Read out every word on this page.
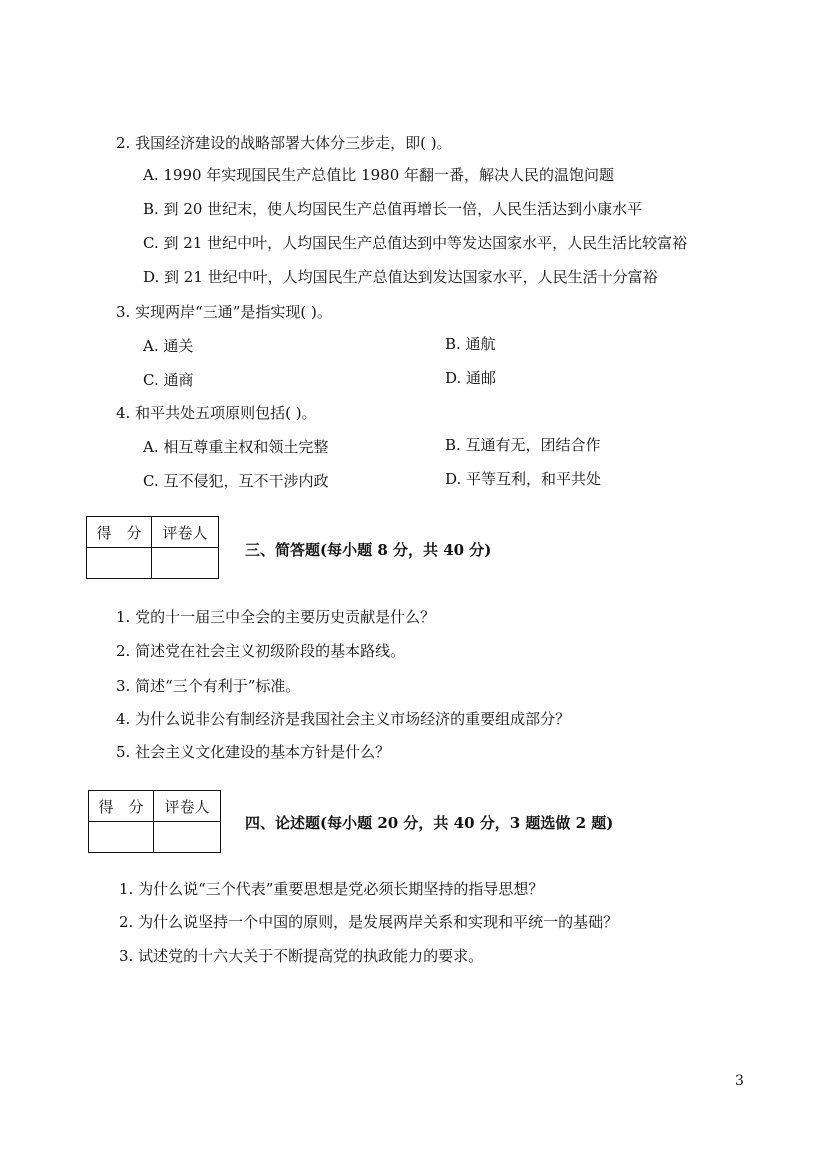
2. 我国经济建设的战略部署大体分三步走，即( )。
A. 1990 年实现国民生产总值比 1980 年翻一番，解决人民的温饱问题
B. 到 20 世纪末，使人均国民生产总值再增长一倍，人民生活达到小康水平
C. 到 21 世纪中叶，人均国民生产总值达到中等发达国家水平，人民生活比较富裕
D. 到 21 世纪中叶，人均国民生产总值达到发达国家水平，人民生活十分富裕
3. 实现两岸“三通”是指实现( )。
A. 通关	B. 通航
C. 通商	D. 通邮
4. 和平共处五项原则包括( )。
A. 相互尊重主权和领土完整	B. 互通有无，团结合作
C. 互不侵犯，互不干涉内政	D. 平等互利，和平共处
得　分	评卷人

三、简答题(每小题 8 分，共 40 分)
1. 党的十一届三中全会的主要历史贡献是什么？
2. 简述党在社会主义初级阶段的基本路线。
3. 简述“三个有利于”标准。
4. 为什么说非公有制经济是我国社会主义市场经济的重要组成部分？
5. 社会主义文化建设的基本方针是什么？
得　分	评卷人

四、论述题(每小题 20 分，共 40 分，3 题选做 2 题)
1. 为什么说“三个代表”重要思想是党必须长期坚持的指导思想？
2. 为什么说坚持一个中国的原则，是发展两岸关系和实现和平统一的基础？
3. 试述党的十六大关于不断提高党的执政能力的要求。
3
